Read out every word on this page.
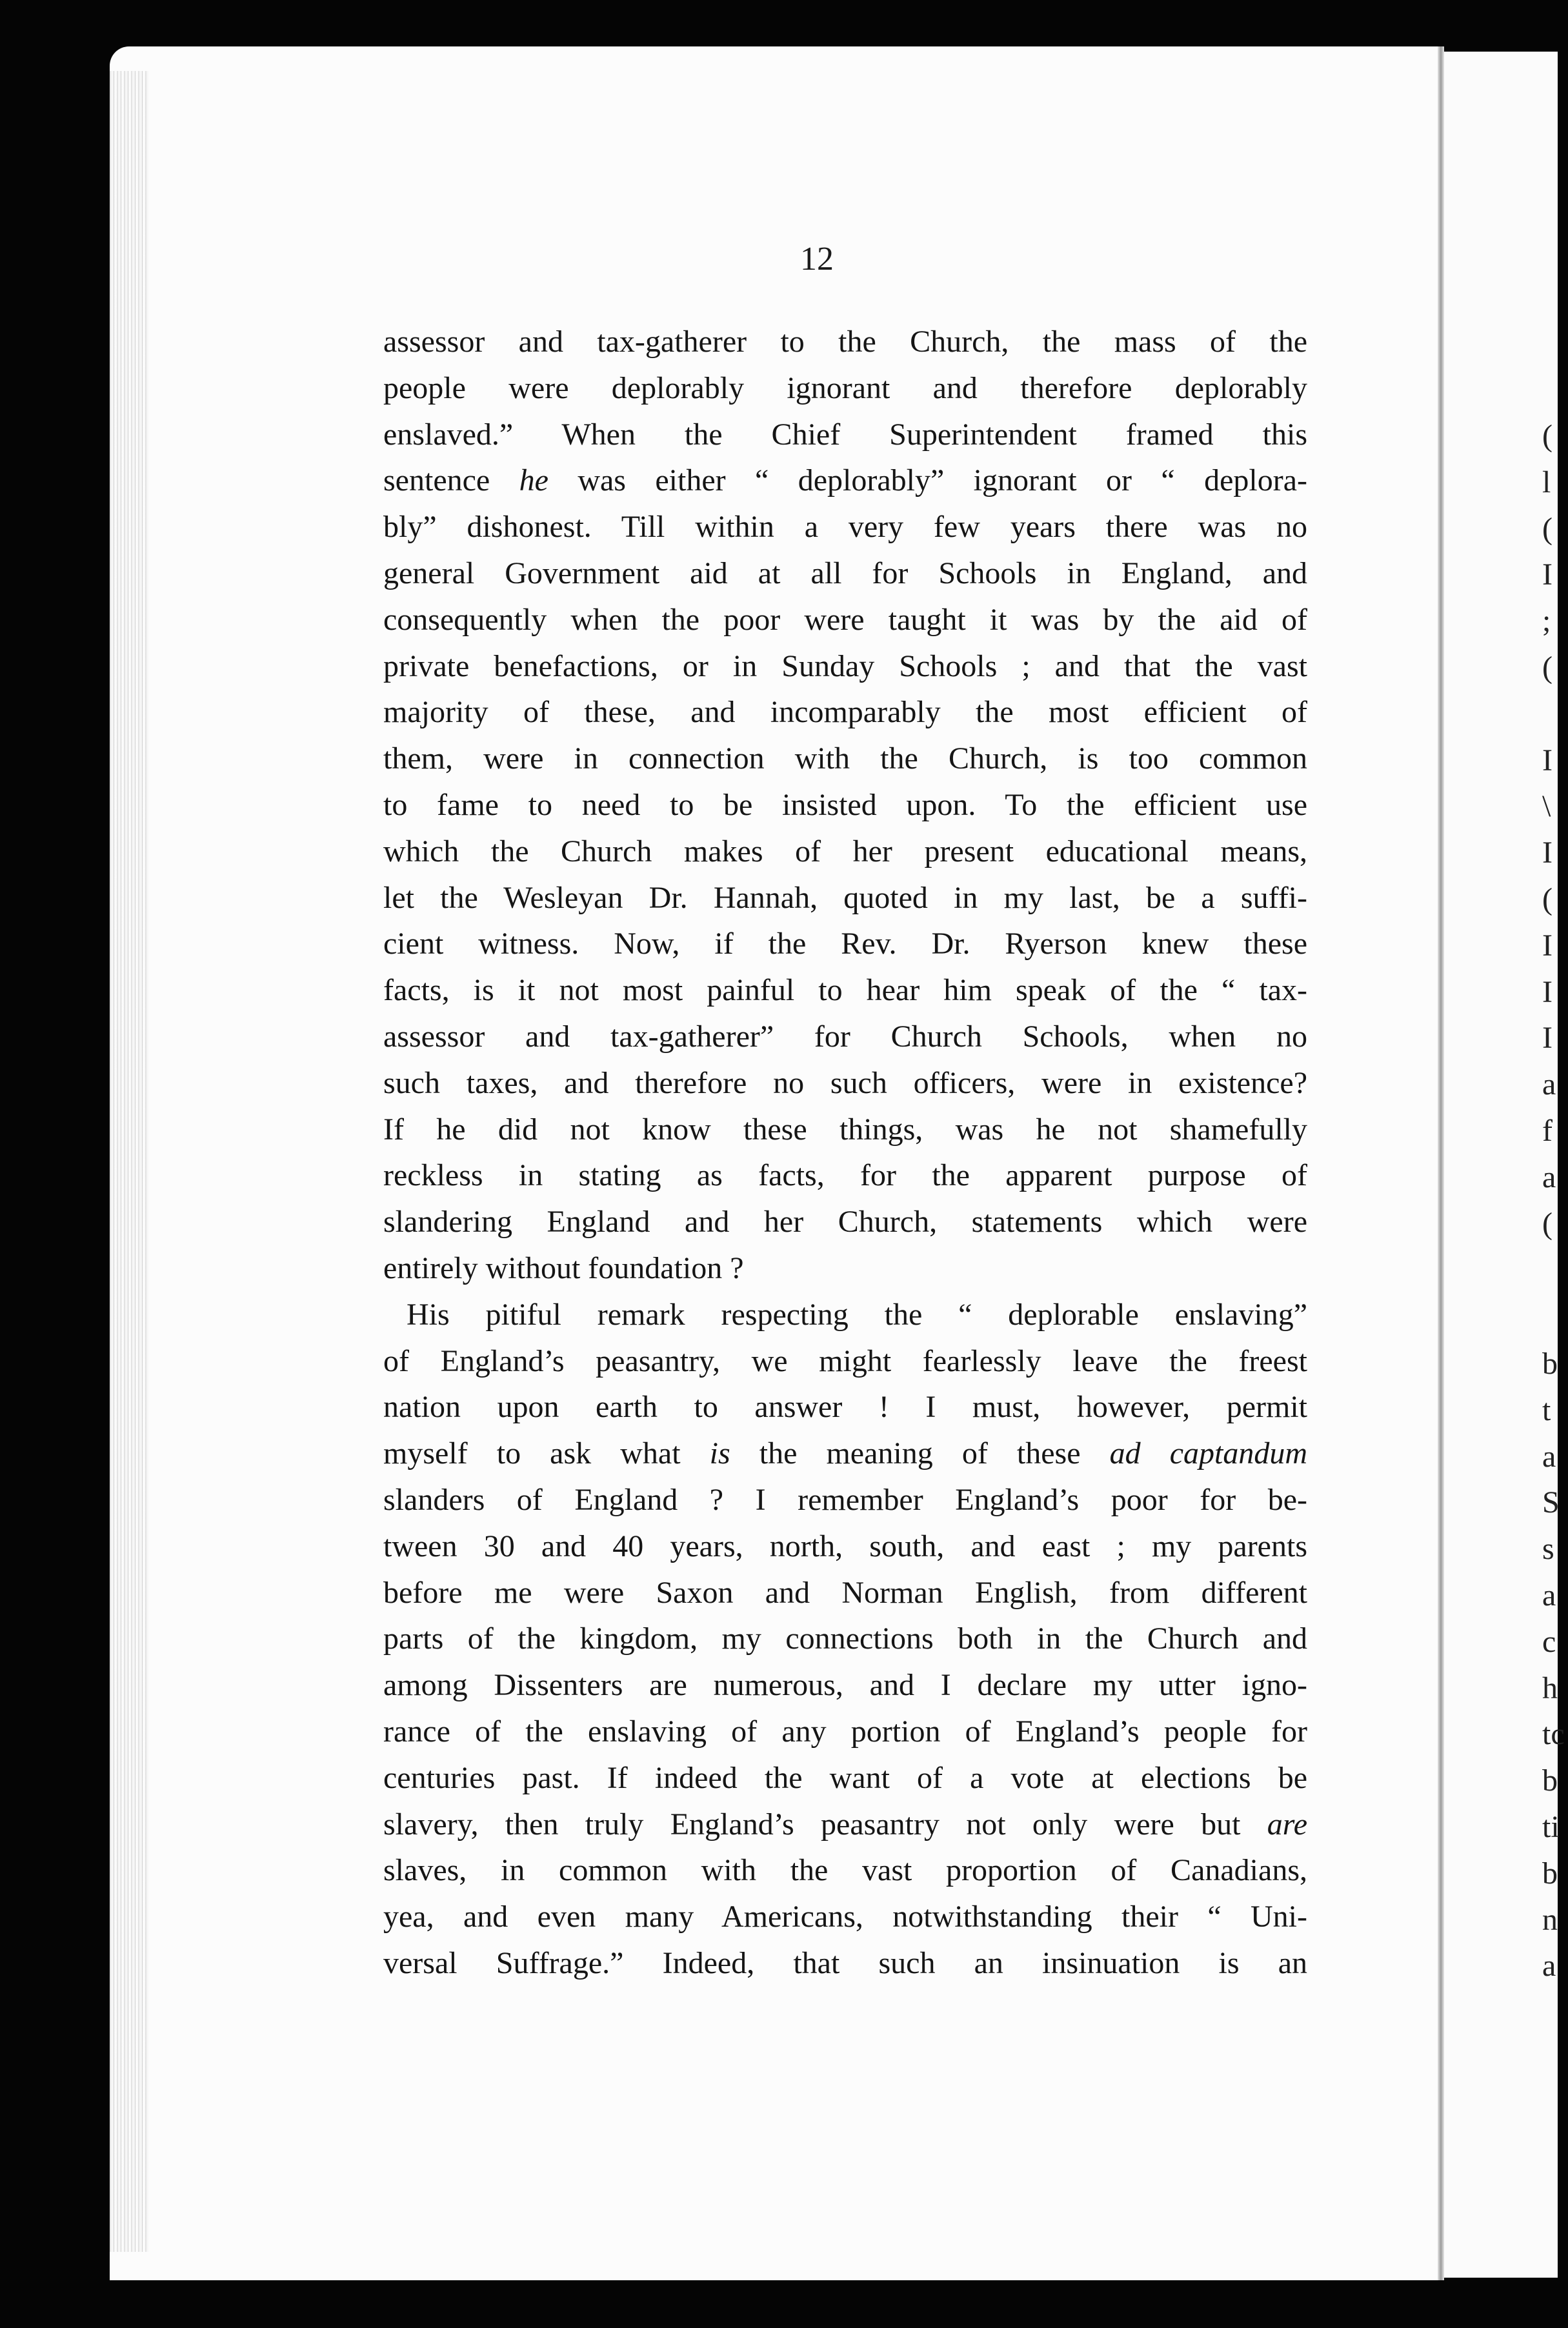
12
assessor and tax-gatherer to the Church, the mass of the
people were deplorably ignorant and therefore deplorably
enslaved.” When the Chief Superintendent framed this
sentence he was either “ deplorably” ignorant or “ deplora-
bly” dishonest. Till within a very few years there was no
general Government aid at all for Schools in England, and
consequently when the poor were taught it was by the aid of
private benefactions, or in Sunday Schools ; and that the vast
majority of these, and incomparably the most efficient of
them, were in connection with the Church, is too common
to fame to need to be insisted upon. To the efficient use
which the Church makes of her present educational means,
let the Wesleyan Dr. Hannah, quoted in my last, be a suffi-
cient witness. Now, if the Rev. Dr. Ryerson knew these
facts, is it not most painful to hear him speak of the “ tax-
assessor and tax-gatherer” for Church Schools, when no
such taxes, and therefore no such officers, were in existence?
If he did not know these things, was he not shamefully
reckless in stating as facts, for the apparent purpose of
slandering England and her Church, statements which were
entirely without foundation ?
His pitiful remark respecting the “ deplorable enslaving”
of England’s peasantry, we might fearlessly leave the freest
nation upon earth to answer ! I must, however, permit
myself to ask what is the meaning of these ad captandum
slanders of England ? I remember England’s poor for be-
tween 30 and 40 years, north, south, and east ; my parents
before me were Saxon and Norman English, from different
parts of the kingdom, my connections both in the Church and
among Dissenters are numerous, and I declare my utter igno-
rance of the enslaving of any portion of England’s people for
centuries past. If indeed the want of a vote at elections be
slavery, then truly England’s peasantry not only were but are
slaves, in common with the vast proportion of Canadians,
yea, and even many Americans, notwithstanding their “ Uni-
versal Suffrage.” Indeed, that such an insinuation is an
(
l
(
I
;
(
I
\
I
(
I
I
I
a
f
a
(
b
t
a
S
s
a
c
h
tc
b
ti
b
n
a
